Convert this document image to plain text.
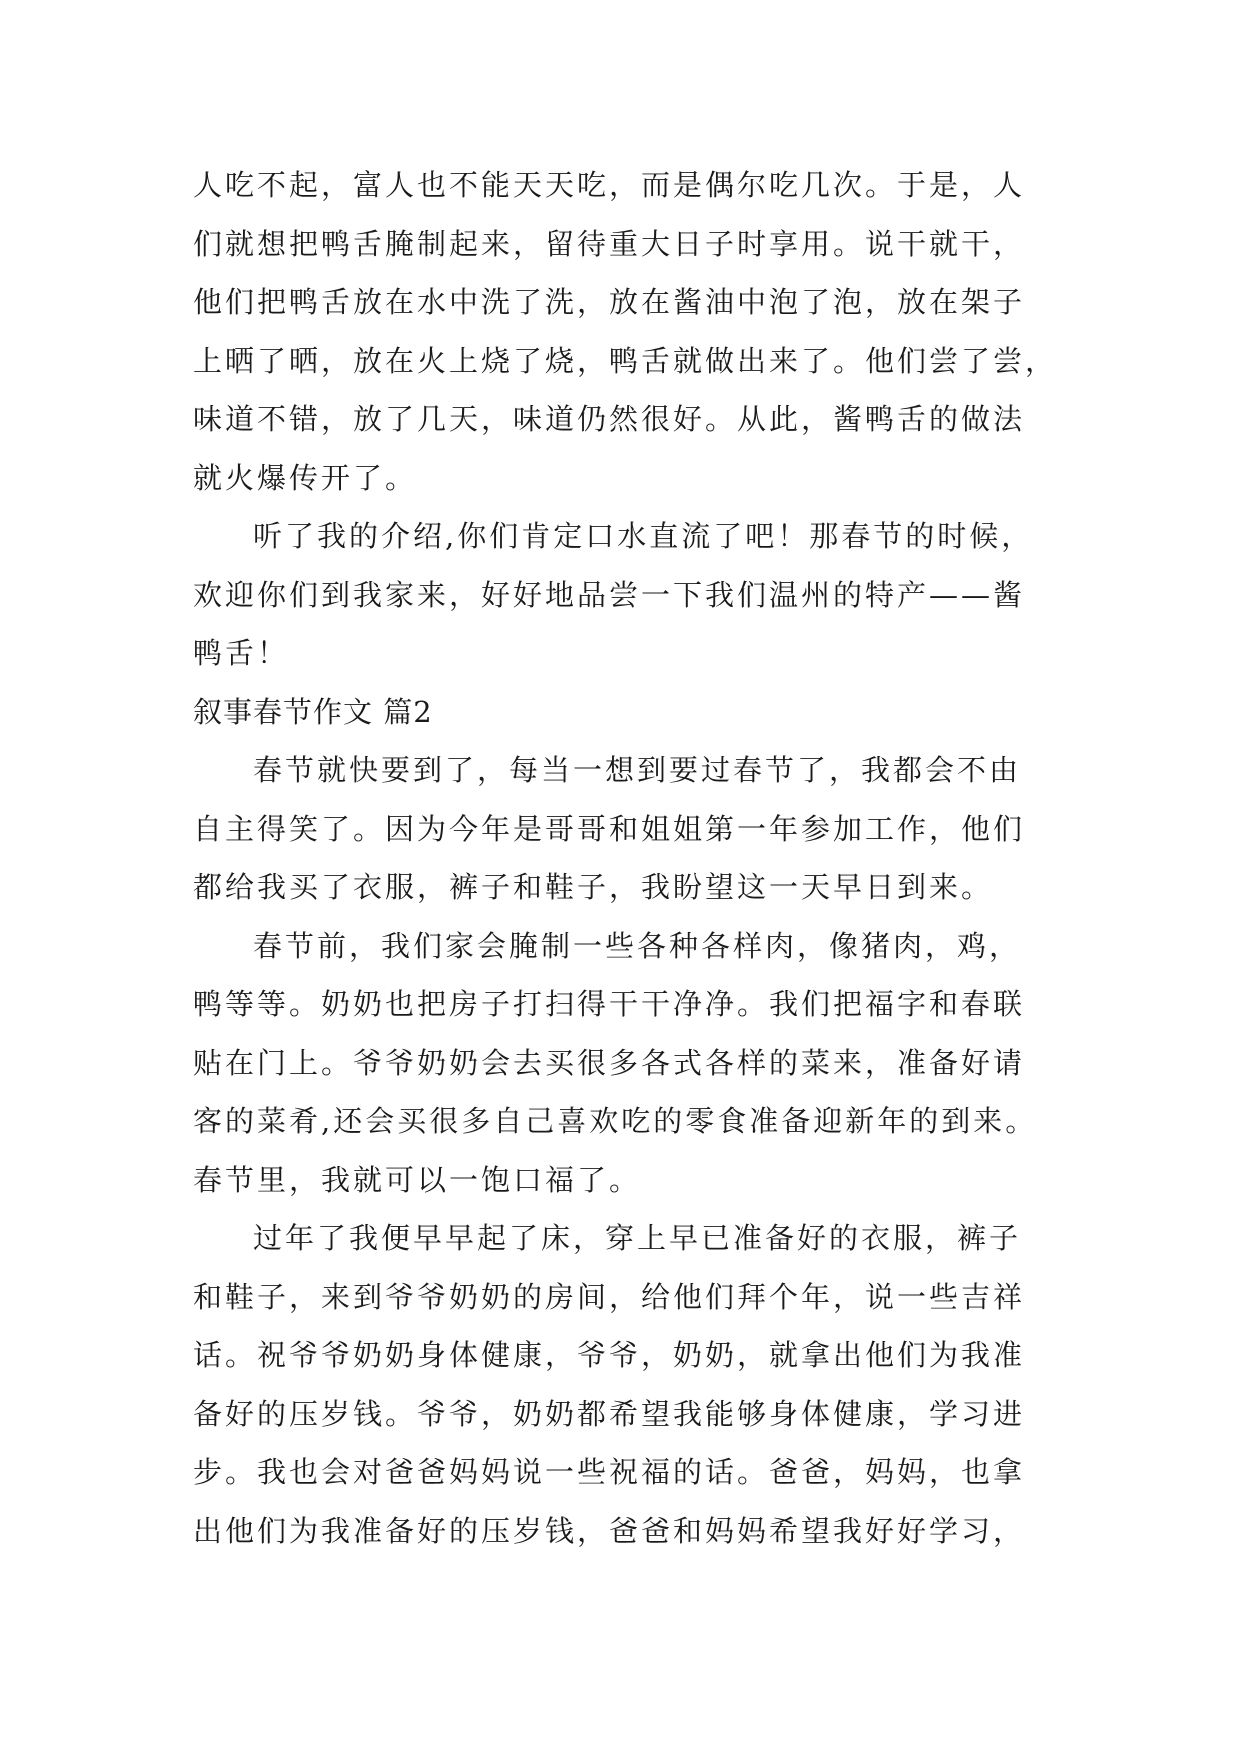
人吃不起，富人也不能天天吃，而是偶尔吃几次。于是，人
们就想把鸭舌腌制起来，留待重大日子时享用。说干就干，
他们把鸭舌放在水中洗了洗，放在酱油中泡了泡，放在架子
上晒了晒，放在火上烧了烧，鸭舌就做出来了。他们尝了尝，
味道不错，放了几天，味道仍然很好。从此，酱鸭舌的做法
就火爆传开了。
听了我的介绍,你们肯定口水直流了吧！那春节的时候，
欢迎你们到我家来，好好地品尝一下我们温州的特产——酱
鸭舌！
叙事春节作文 篇2
春节就快要到了，每当一想到要过春节了，我都会不由
自主得笑了。因为今年是哥哥和姐姐第一年参加工作，他们
都给我买了衣服，裤子和鞋子，我盼望这一天早日到来。
春节前，我们家会腌制一些各种各样肉，像猪肉，鸡，
鸭等等。奶奶也把房子打扫得干干净净。我们把福字和春联
贴在门上。爷爷奶奶会去买很多各式各样的菜来，准备好请
客的菜肴,还会买很多自己喜欢吃的零食准备迎新年的到来。
春节里，我就可以一饱口福了。
过年了我便早早起了床，穿上早已准备好的衣服，裤子
和鞋子，来到爷爷奶奶的房间，给他们拜个年，说一些吉祥
话。祝爷爷奶奶身体健康，爷爷，奶奶，就拿出他们为我准
备好的压岁钱。爷爷，奶奶都希望我能够身体健康，学习进
步。我也会对爸爸妈妈说一些祝福的话。爸爸，妈妈，也拿
出他们为我准备好的压岁钱，爸爸和妈妈希望我好好学习，
